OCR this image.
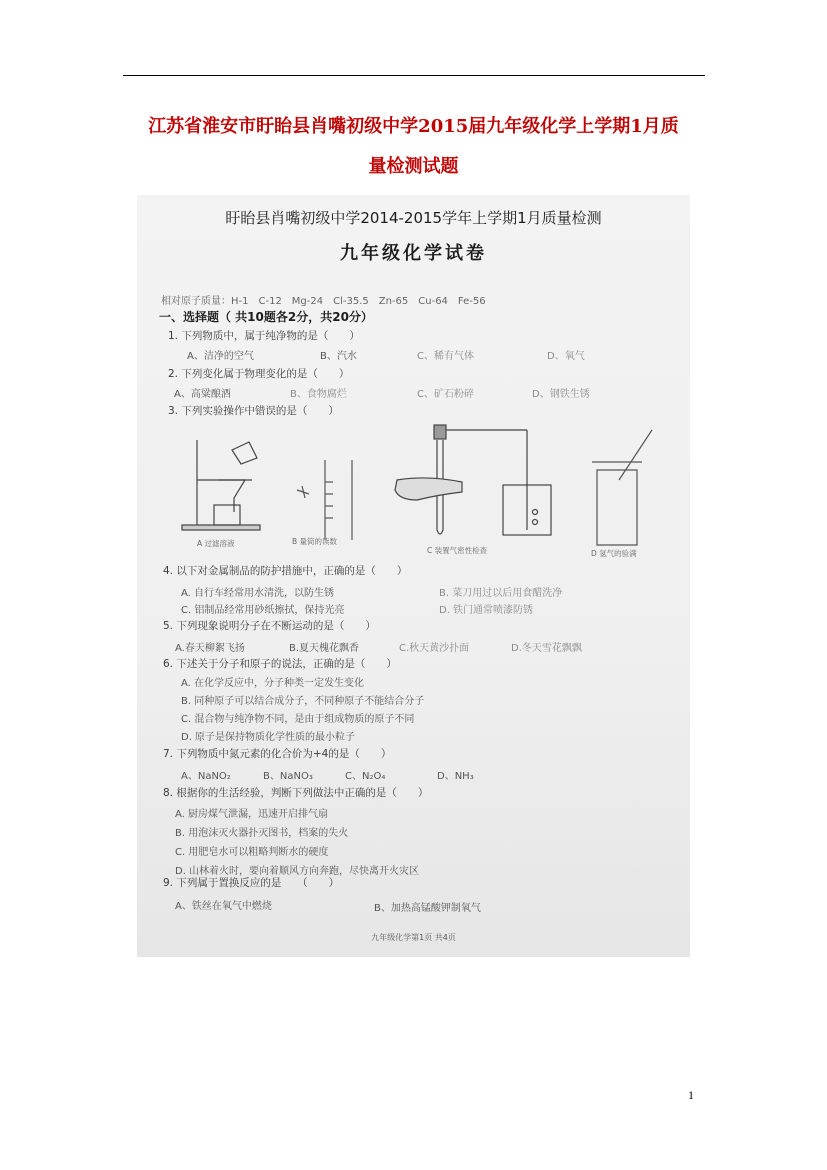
江苏省淮安市盱眙县肖嘴初级中学2015届九年级化学上学期1月质
量检测试题
盱眙县肖嘴初级中学2014-2015学年上学期1月质量检测
九年级化学试卷
相对原子质量：H-1　C-12　Mg-24　Cl-35.5　Zn-65　Cu-64　Fe-56
一、选择题（ 共10题各2分，共20分）
1. 下列物质中，属于纯净物的是（　　）
A、洁净的空气	B、汽水	C、稀有气体	D、氧气
2. 下列变化属于物理变化的是（　　）
A、高粱酿酒	B、食物腐烂	C、矿石粉碎	D、钢铁生锈
3. 下列实验操作中错误的是（　　）
A 过滤溶液	B 量筒的读数
C 装置气密性检查	D 氢气的验满
4. 以下对金属制品的防护措施中，正确的是（　　）
A. 自行车经常用水清洗，以防生锈	B. 菜刀用过以后用食醋洗净
C. 铝制品经常用砂纸擦拭，保持光亮	D. 铁门通常喷漆防锈
5. 下列现象说明分子在不断运动的是（　　）
A.春天柳絮飞扬	B.夏天槐花飘香	C.秋天黄沙扑面	D.冬天雪花飘飘
6. 下述关于分子和原子的说法，正确的是（　　）
A. 在化学反应中，分子种类一定发生变化
B. 同种原子可以结合成分子，不同种原子不能结合分子
C. 混合物与纯净物不同，是由于组成物质的原子不同
D. 原子是保持物质化学性质的最小粒子
7. 下列物质中氮元素的化合价为+4的是（　　）
A、NaNO₂	B、NaNO₃	C、N₂O₄	D、NH₃
8. 根据你的生活经验，判断下列做法中正确的是（　　）
A. 厨房煤气泄漏，迅速开启排气扇
B. 用泡沫灭火器扑灭图书，档案的失火
C. 用肥皂水可以粗略判断水的硬度
D. 山林着火时，要向着顺风方向奔跑，尽快离开火灾区
9. 下列属于置换反应的是　　（　　）
A、铁丝在氧气中燃烧	B、加热高锰酸钾制氧气
九年级化学第1页 共4页
1
